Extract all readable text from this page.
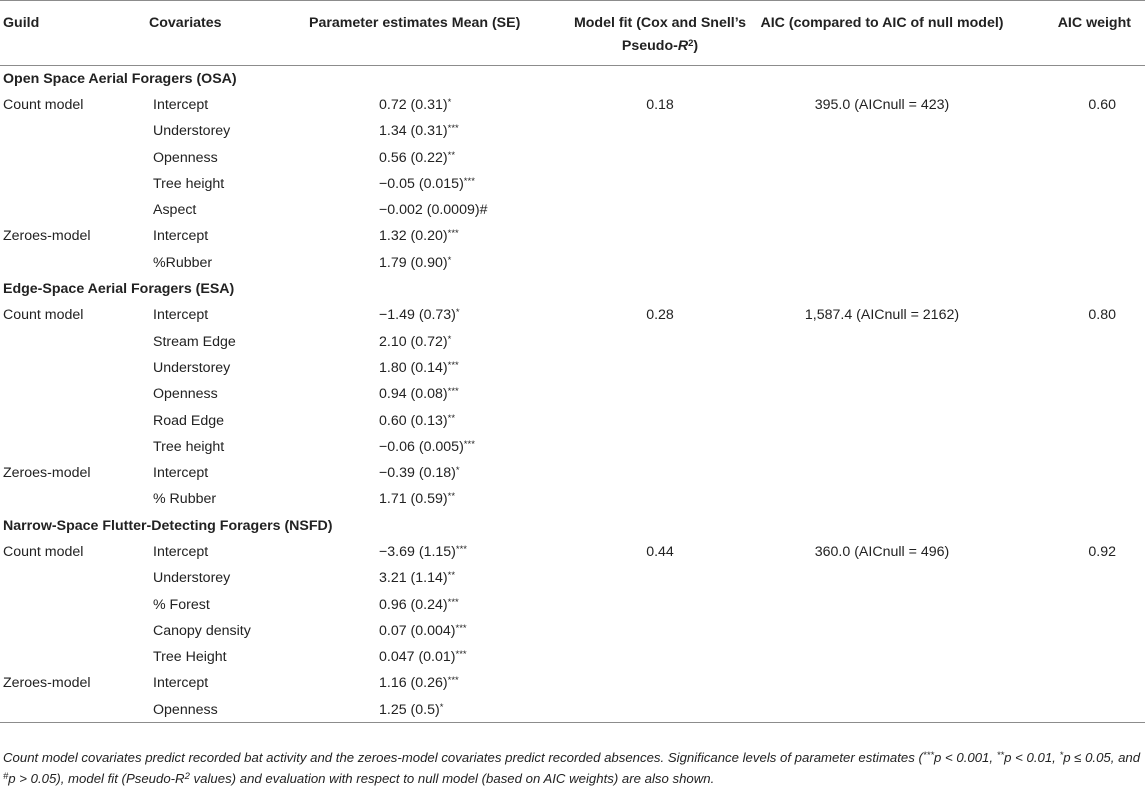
Guild	Covariates	Parameter estimates Mean (SE)	Model fit (Cox and Snell’s Pseudo-$R^2$)	AIC (compared to AIC of null model)	AIC weight
Open Space Aerial Foragers (OSA)					
Count model	Intercept	0.72 (0.31)*	0.18	395.0 (AICnull = 423)	0.60
	Understorey	1.34 (0.31)***			
	Openness	0.56 (0.22)**			
	Tree height	−0.05 (0.015)***			
	Aspect	−0.002 (0.0009)#			
Zeroes-model	Intercept	1.32 (0.20)***			
	%Rubber	1.79 (0.90)*			
Edge-Space Aerial Foragers (ESA)					
Count model	Intercept	−1.49 (0.73)*	0.28	1,587.4 (AICnull = 2162)	0.80
	Stream Edge	2.10 (0.72)*			
	Understorey	1.80 (0.14)***			
	Openness	0.94 (0.08)***			
	Road Edge	0.60 (0.13)**			
	Tree height	−0.06 (0.005)***			
Zeroes-model	Intercept	−0.39 (0.18)*			
	% Rubber	1.71 (0.59)**			
Narrow-Space Flutter-Detecting Foragers (NSFD)					
Count model	Intercept	−3.69 (1.15)***	0.44	360.0 (AICnull = 496)	0.92
	Understorey	3.21 (1.14)**			
	% Forest	0.96 (0.24)***			
	Canopy density	0.07 (0.004)***			
	Tree Height	0.047 (0.01)***			
Zeroes-model	Intercept	1.16 (0.26)***			
	Openness	1.25 (0.5)*			
Count model covariates predict recorded bat activity and the zeroes-model covariates predict recorded absences. Significance levels of parameter estimates (***p < 0.001, **p < 0.01, *p ≤ 0.05, and #p > 0.05), model fit ($Pseudo-R^2$ values) and evaluation with respect to null model (based on AIC weights) are also shown.
